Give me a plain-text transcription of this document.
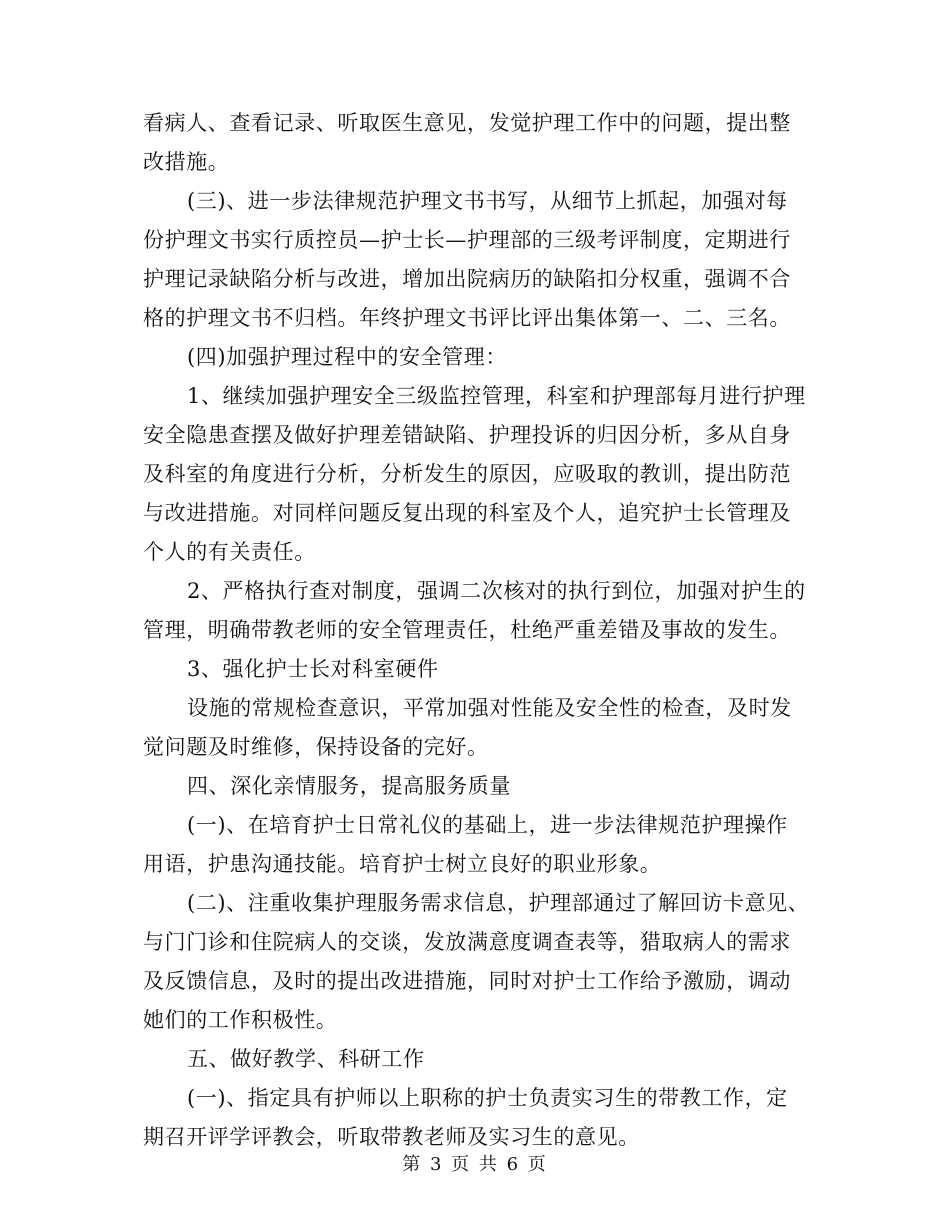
看病人、查看记录、听取医生意见，发觉护理工作中的问题，提出整
改措施。
(三)、进一步法律规范护理文书书写，从细节上抓起，加强对每
份护理文书实行质控员—护士长—护理部的三级考评制度，定期进行
护理记录缺陷分析与改进，增加出院病历的缺陷扣分权重，强调不合
格的护理文书不归档。年终护理文书评比评出集体第一、二、三名。
(四)加强护理过程中的安全管理：
1、继续加强护理安全三级监控管理，科室和护理部每月进行护理
安全隐患查摆及做好护理差错缺陷、护理投诉的归因分析，多从自身
及科室的角度进行分析，分析发生的原因，应吸取的教训，提出防范
与改进措施。对同样问题反复出现的科室及个人，追究护士长管理及
个人的有关责任。
2、严格执行查对制度，强调二次核对的执行到位，加强对护生的
管理，明确带教老师的安全管理责任，杜绝严重差错及事故的发生。
3、强化护士长对科室硬件
设施的常规检查意识，平常加强对性能及安全性的检查，及时发
觉问题及时维修，保持设备的完好。
四、深化亲情服务，提高服务质量
(一)、在培育护士日常礼仪的基础上，进一步法律规范护理操作
用语，护患沟通技能。培育护士树立良好的职业形象。
(二)、注重收集护理服务需求信息，护理部通过了解回访卡意见、
与门门诊和住院病人的交谈，发放满意度调查表等，猎取病人的需求
及反馈信息，及时的提出改进措施，同时对护士工作给予激励，调动
她们的工作积极性。
五、做好教学、科研工作
(一)、指定具有护师以上职称的护士负责实习生的带教工作，定
期召开评学评教会，听取带教老师及实习生的意见。
第 3 页 共 6 页
